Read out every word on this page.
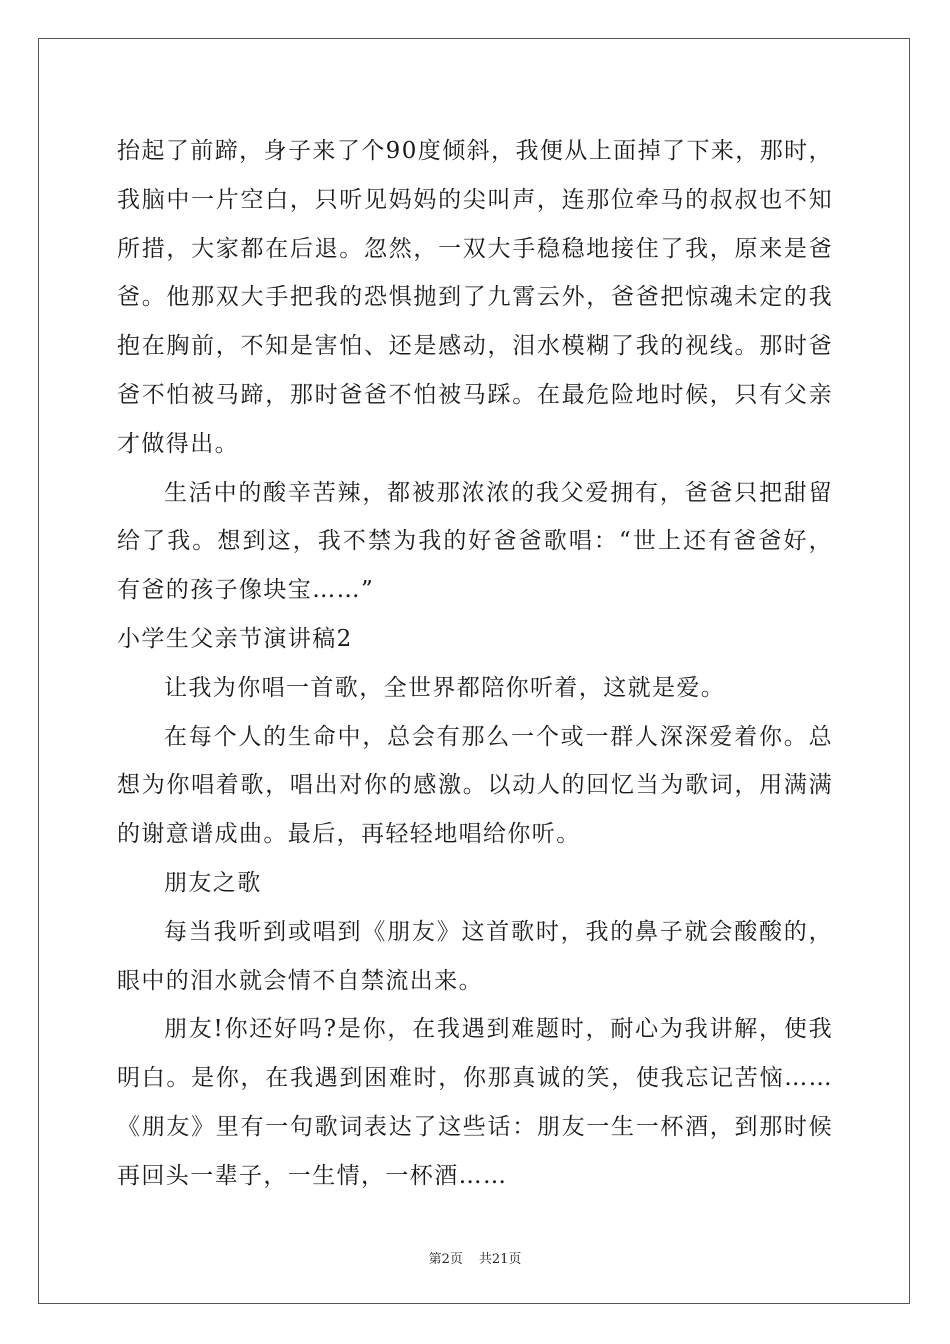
抬起了前蹄，身子来了个90度倾斜，我便从上面掉了下来，那时，我脑中一片空白，只听见妈妈的尖叫声，连那位牵马的叔叔也不知所措，大家都在后退。忽然，一双大手稳稳地接住了我，原来是爸爸。他那双大手把我的恐惧抛到了九霄云外，爸爸把惊魂未定的我抱在胸前，不知是害怕、还是感动，泪水模糊了我的视线。那时爸爸不怕被马蹄，那时爸爸不怕被马踩。在最危险地时候，只有父亲才做得出。

生活中的酸辛苦辣，都被那浓浓的我父爱拥有，爸爸只把甜留给了我。想到这，我不禁为我的好爸爸歌唱：“世上还有爸爸好，有爸的孩子像块宝……”

小学生父亲节演讲稿2

让我为你唱一首歌，全世界都陪你听着，这就是爱。

在每个人的生命中，总会有那么一个或一群人深深爱着你。总想为你唱着歌，唱出对你的感激。以动人的回忆当为歌词，用满满的谢意谱成曲。最后，再轻轻地唱给你听。

朋友之歌

每当我听到或唱到《朋友》这首歌时，我的鼻子就会酸酸的，眼中的泪水就会情不自禁流出来。

朋友!你还好吗?是你，在我遇到难题时，耐心为我讲解，使我明白。是你，在我遇到困难时，你那真诚的笑，使我忘记苦恼……《朋友》里有一句歌词表达了这些话：朋友一生一杯酒，到那时候再回头一辈子，一生情，一杯酒……

第2页 共21页
